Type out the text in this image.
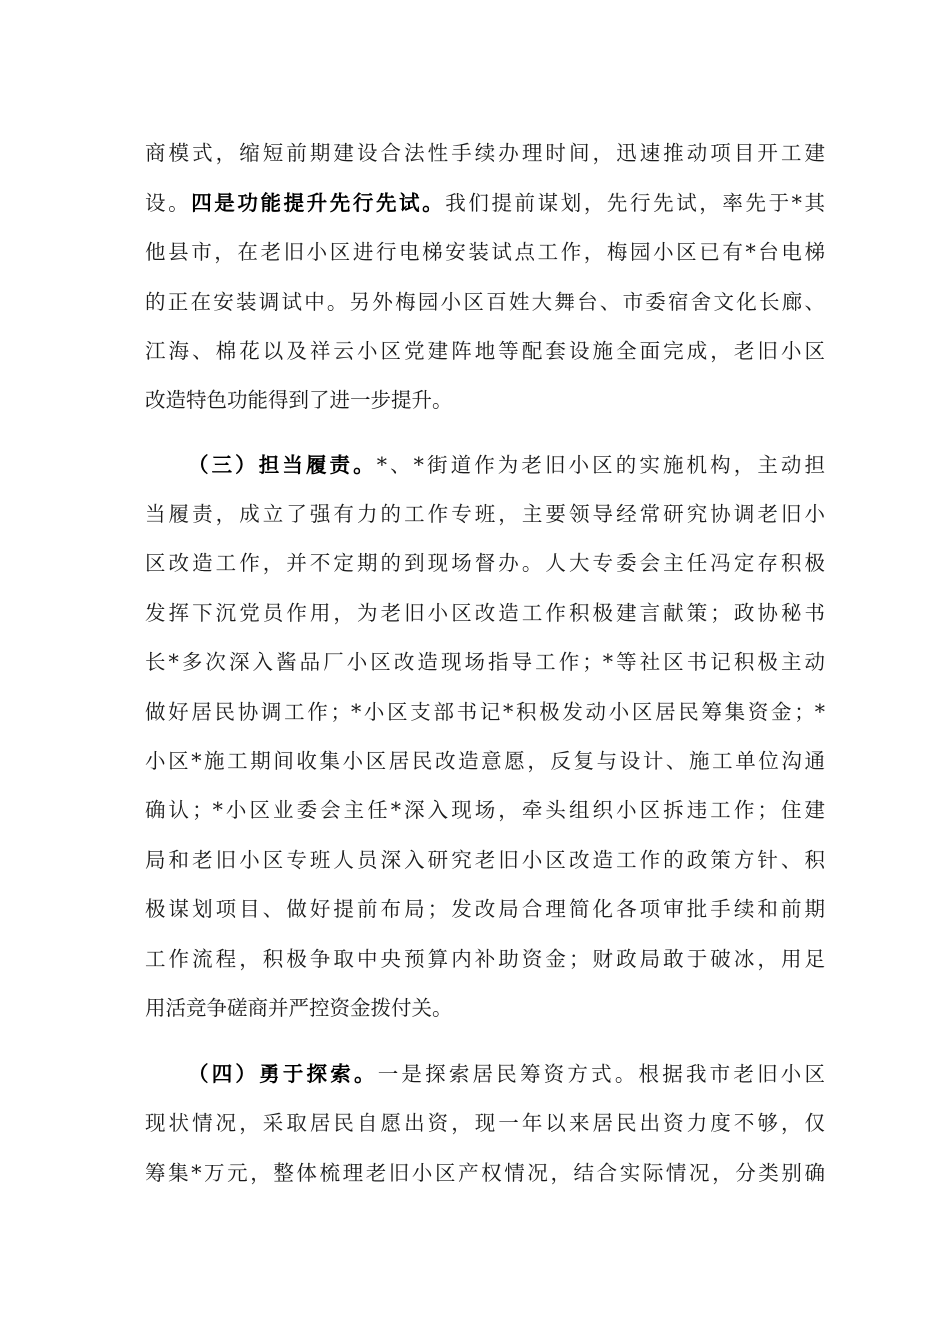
商模式，缩短前期建设合法性手续办理时间，迅速推动项目开工建
设。四是功能提升先行先试。我们提前谋划，先行先试，率先于*其
他县市，在老旧小区进行电梯安装试点工作，梅园小区已有*台电梯
的正在安装调试中。另外梅园小区百姓大舞台、市委宿舍文化长廊、
江海、棉花以及祥云小区党建阵地等配套设施全面完成，老旧小区
改造特色功能得到了进一步提升。
（三）担当履责。*、*街道作为老旧小区的实施机构，主动担
当履责，成立了强有力的工作专班，主要领导经常研究协调老旧小
区改造工作，并不定期的到现场督办。人大专委会主任冯定存积极
发挥下沉党员作用，为老旧小区改造工作积极建言献策；政协秘书
长*多次深入酱品厂小区改造现场指导工作；*等社区书记积极主动
做好居民协调工作；*小区支部书记*积极发动小区居民筹集资金；*
小区*施工期间收集小区居民改造意愿，反复与设计、施工单位沟通
确认；*小区业委会主任*深入现场，牵头组织小区拆违工作；住建
局和老旧小区专班人员深入研究老旧小区改造工作的政策方针、积
极谋划项目、做好提前布局；发改局合理简化各项审批手续和前期
工作流程，积极争取中央预算内补助资金；财政局敢于破冰，用足
用活竞争磋商并严控资金拨付关。
（四）勇于探索。一是探索居民筹资方式。根据我市老旧小区
现状情况，采取居民自愿出资，现一年以来居民出资力度不够，仅
筹集*万元，整体梳理老旧小区产权情况，结合实际情况，分类别确
